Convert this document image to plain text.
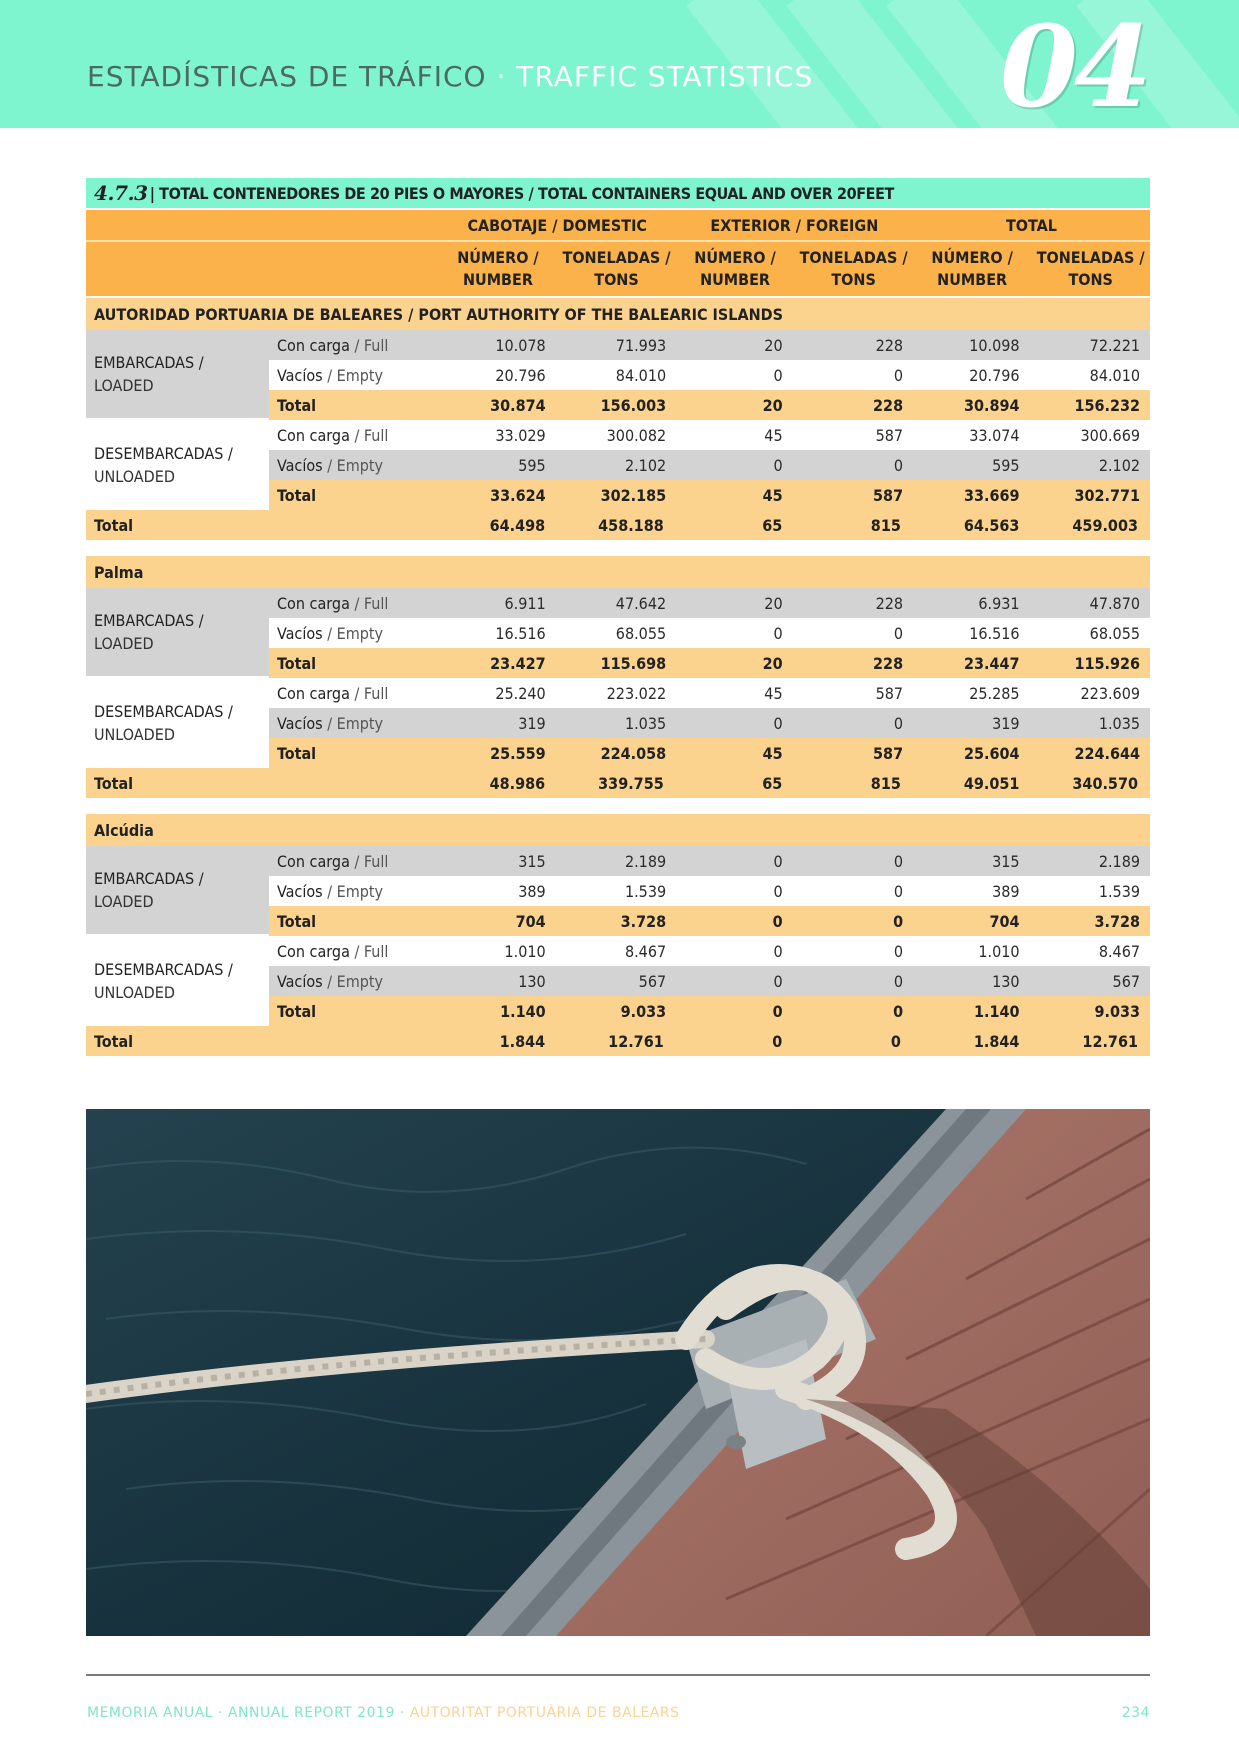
ESTADÍSTICAS DE TRÁFICO · TRAFFIC STATISTICS 04
4.7.3 | TOTAL CONTENEDORES DE 20 PIES O MAYORES / TOTAL CONTAINERS EQUAL AND OVER 20FEET
CABOTAJE / DOMESTIC	EXTERIOR / FOREIGN	TOTAL
NÚMERO /
NUMBER
TONELADAS /
TONS
NÚMERO /
NUMBER
TONELADAS /
TONS
NÚMERO /
NUMBER
TONELADAS /
TONS
AUTORIDAD PORTUARIA DE BALEARES / PORT AUTHORITY OF THE BALEARIC ISLANDS
EMBARCADAS /
LOADED
Con carga / Full	10.078	71.993	20	228	10.098	72.221
Vacíos / Empty	20.796	84.010	0	0	20.796	84.010
Total	30.874	156.003	20	228	30.894	156.232
DESEMBARCADAS /
UNLOADED
Con carga / Full	33.029	300.082	45	587	33.074	300.669
Vacíos / Empty	595	2.102	0	0	595	2.102
Total	33.624	302.185	45	587	33.669	302.771
Total	64.498	458.188	65	815	64.563	459.003
Palma
EMBARCADAS /
LOADED
Con carga / Full	6.911	47.642	20	228	6.931	47.870
Vacíos / Empty	16.516	68.055	0	0	16.516	68.055
Total	23.427	115.698	20	228	23.447	115.926
DESEMBARCADAS /
UNLOADED
Con carga / Full	25.240	223.022	45	587	25.285	223.609
Vacíos / Empty	319	1.035	0	0	319	1.035
Total	25.559	224.058	45	587	25.604	224.644
Total	48.986	339.755	65	815	49.051	340.570
Alcúdia
EMBARCADAS /
LOADED
Con carga / Full	315	2.189	0	0	315	2.189
Vacíos / Empty	389	1.539	0	0	389	1.539
Total	704	3.728	0	0	704	3.728
DESEMBARCADAS /
UNLOADED
Con carga / Full	1.010	8.467	0	0	1.010	8.467
Vacíos / Empty	130	567	0	0	130	567
Total	1.140	9.033	0	0	1.140	9.033
Total	1.844	12.761	0	0	1.844	12.761
MEMORIA ANUAL · ANNUAL REPORT 2019 · AUTORITAT PORTUÀRIA DE BALEARS	234
